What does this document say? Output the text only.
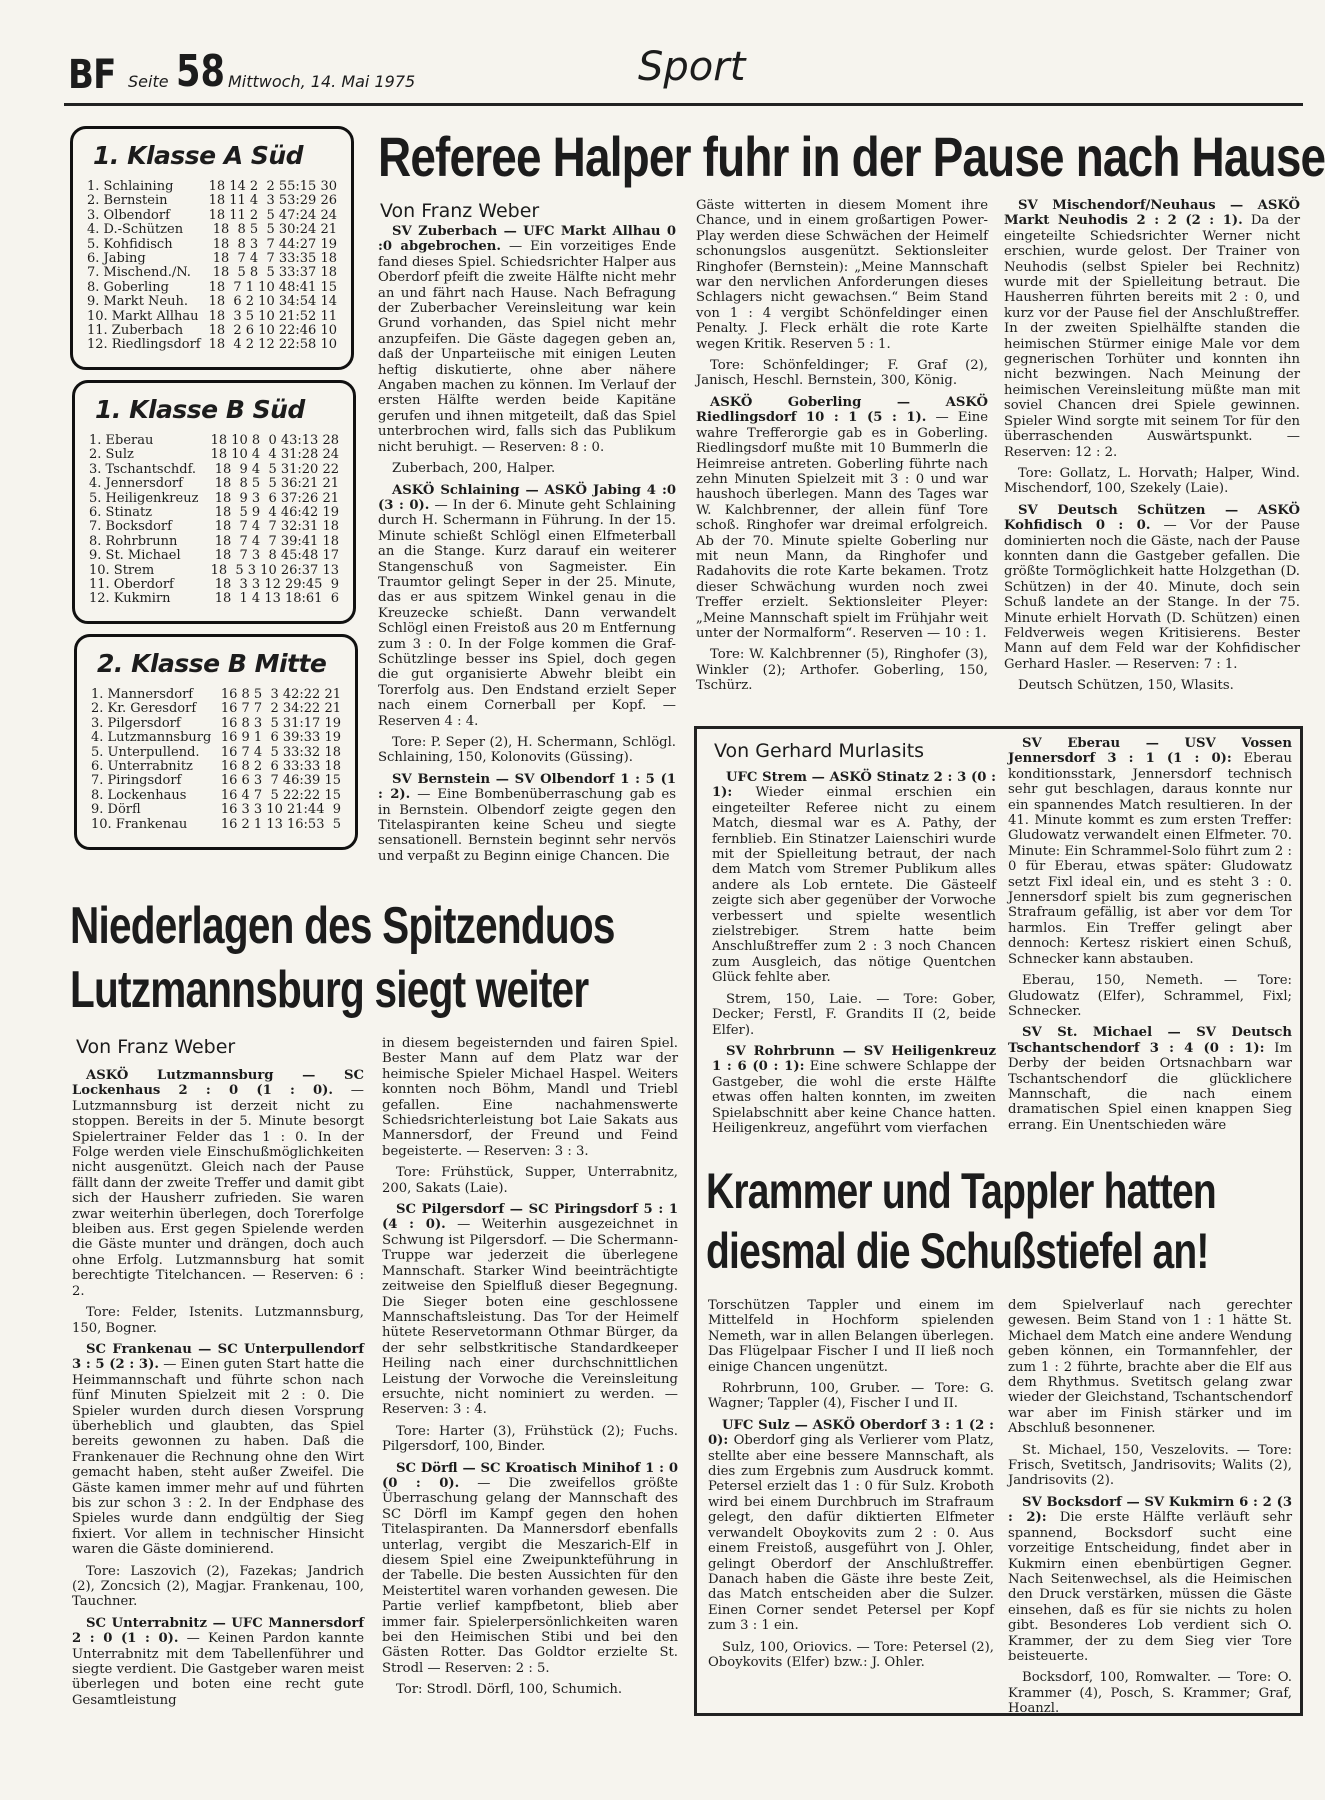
BF Seite 58 Mittwoch, 14. Mai 1975	Sport
1. Klasse A Süd
1. Schlaining	18 14 2  2 55:15 30
2. Bernstein	18 11 4  3 53:29 26
3. Olbendorf	18 11 2  5 47:24 24
4. D.-Schützen	18  8 5  5 30:24 21
5. Kohfidisch	18  8 3  7 44:27 19
6. Jabing	18  7 4  7 33:35 18
7. Mischend./N.	18  5 8  5 33:37 18
8. Goberling	18  7 1 10 48:41 15
9. Markt Neuh.	18  6 2 10 34:54 14
10. Markt Allhau 18  3 5 10 21:52 11
11. Zuberbach	18  2 6 10 22:46 10
12. Riedlingsdorf 18  4 2 12 22:58 10
1. Klasse B Süd
1. Eberau	18 10 8  0 43:13 28
2. Sulz	18 10 4  4 31:28 24
3. Tschantschdf.	18  9 4  5 31:20 22
4. Jennersdorf	18  8 5  5 36:21 21
5. Heiligenkreuz	18  9 3  6 37:26 21
6. Stinatz	18  5 9  4 46:42 19
7. Bocksdorf	18  7 4  7 32:31 18
8. Rohrbrunn	18  7 4  7 39:41 18
9. St. Michael	18  7 3  8 45:48 17
10. Strem	18  5 3 10 26:37 13
11. Oberdorf	18  3 3 12 29:45  9
12. Kukmirn	18  1 4 13 18:61  6
2. Klasse B Mitte
1. Mannersdorf	16 8 5  3 42:22 21
2. Kr. Geresdorf	16 7 7  2 34:22 21
3. Pilgersdorf	16 8 3  5 31:17 19
4. Lutzmannsburg 16 9 1  6 39:33 19
5. Unterpullend.	16 7 4  5 33:32 18
6. Unterrabnitz	16 8 2  6 33:33 18
7. Piringsdorf	16 6 3  7 46:39 15
8. Lockenhaus	16 4 7  5 22:22 15
9. Dörfl	16 3 3 10 21:44  9
10. Frankenau	16 2 1 13 16:53  5
Referee Halper fuhr in der Pause nach Hause
Von Franz Weber

SV Zuberbach — UFC Markt Allhau 0 :0 abgebrochen. — Ein vorzeitiges Ende fand dieses Spiel. Schiedsrichter Halper aus Oberdorf pfeift die zweite Hälfte nicht mehr an und fährt nach Hause. Nach Befragung der Zuberbacher Vereinsleitung war kein Grund vorhanden, das Spiel nicht mehr anzupfeifen. Die Gäste dagegen geben an, daß der Unparteiische mit einigen Leuten heftig diskutierte, ohne aber nähere Angaben machen zu können. Im Verlauf der ersten Hälfte werden beide Kapitäne gerufen und ihnen mitgeteilt, daß das Spiel unterbrochen wird, falls sich das Publikum nicht beruhigt. — Reserven: 8 : 0.

Zuberbach, 200, Halper.

ASKÖ Schlaining — ASKÖ Jabing 4 :0 (3 : 0). — In der 6. Minute geht Schlaining durch H. Schermann in Führung. In der 15. Minute schießt Schlögl einen Elfmeterball an die Stange. Kurz darauf ein weiterer Stangenschuß von Sagmeister. Ein Traumtor gelingt Seper in der 25. Minute, das er aus spitzem Winkel genau in die Kreuzecke schießt. Dann verwandelt Schlögl einen Freistoß aus 20 m Entfernung zum 3 : 0. In der Folge kommen die Graf-Schützlinge besser ins Spiel, doch gegen die gut organisierte Abwehr bleibt ein Torerfolg aus. Den Endstand erzielt Seper nach einem Cornerball per Kopf. — Reserven 4 : 4.

Tore: P. Seper (2), H. Schermann, Schlögl. Schlaining, 150, Kolonovits (Güssing).

SV Bernstein — SV Olbendorf 1 : 5 (1 : 2). — Eine Bombenüberraschung gab es in Bernstein. Olbendorf zeigte gegen den Titelaspiranten keine Scheu und siegte sensationell. Bernstein beginnt sehr nervös und verpaßt zu Beginn einige Chancen. Die

Gäste witterten in diesem Moment ihre Chance, und in einem großartigen Power-Play werden diese Schwächen der Heimelf schonungslos ausgenützt. Sektionsleiter Ringhofer (Bernstein): „Meine Mannschaft war den nervlichen Anforderungen dieses Schlagers nicht gewachsen.“ Beim Stand von 1 : 4 vergibt Schönfeldinger einen Penalty. J. Fleck erhält die rote Karte wegen Kritik. Reserven 5 : 1.

Tore: Schönfeldinger; F. Graf (2), Janisch, Heschl. Bernstein, 300, König.

ASKÖ Goberling — ASKÖ Riedlingsdorf 10 : 1 (5 : 1). — Eine wahre Trefferorgie gab es in Goberling. Riedlingsdorf mußte mit 10 Bummerln die Heimreise antreten. Goberling führte nach zehn Minuten Spielzeit mit 3 : 0 und war haushoch überlegen. Mann des Tages war W. Kalchbrenner, der allein fünf Tore schoß. Ringhofer war dreimal erfolgreich. Ab der 70. Minute spielte Goberling nur mit neun Mann, da Ringhofer und Radahovits die rote Karte bekamen. Trotz dieser Schwächung wurden noch zwei Treffer erzielt. Sektionsleiter Pleyer: „Meine Mannschaft spielt im Frühjahr weit unter der Normalform“. Reserven — 10 : 1.

Tore: W. Kalchbrenner (5), Ringhofer (3), Winkler (2); Arthofer. Goberling, 150, Tschürz.

SV Mischendorf/Neuhaus — ASKÖ Markt Neuhodis 2 : 2 (2 : 1). Da der eingeteilte Schiedsrichter Werner nicht erschien, wurde gelost. Der Trainer von Neuhodis (selbst Spieler bei Rechnitz) wurde mit der Spielleitung betraut. Die Hausherren führten bereits mit 2 : 0, und kurz vor der Pause fiel der Anschlußtreffer. In der zweiten Spielhälfte standen die heimischen Stürmer einige Male vor dem gegnerischen Torhüter und konnten ihn nicht bezwingen. Nach Meinung der heimischen Vereinsleitung müßte man mit soviel Chancen drei Spiele gewinnen. Spieler Wind sorgte mit seinem Tor für den überraschenden Auswärtspunkt. — Reserven: 12 : 2.

Tore: Gollatz, L. Horvath; Halper, Wind. Mischendorf, 100, Szekely (Laie).

SV Deutsch Schützen — ASKÖ Kohfidisch 0 : 0. — Vor der Pause dominierten noch die Gäste, nach der Pause konnten dann die Gastgeber gefallen. Die größte Tormöglichkeit hatte Holzgethan (D. Schützen) in der 40. Minute, doch sein Schuß landete an der Stange. In der 75. Minute erhielt Horvath (D. Schützen) einen Feldverweis wegen Kritisierens. Bester Mann auf dem Feld war der Kohfidischer Gerhard Hasler. — Reserven: 7 : 1.

Deutsch Schützen, 150, Wlasits.

Von Gerhard Murlasits

UFC Strem — ASKÖ Stinatz 2 : 3 (0 : 1): Wieder einmal erschien ein eingeteilter Referee nicht zu einem Match, diesmal war es A. Pathy, der fernblieb. Ein Stinatzer Laienschiri wurde mit der Spielleitung betraut, der nach dem Match vom Stremer Publikum alles andere als Lob erntete. Die Gästeelf zeigte sich aber gegenüber der Vorwoche verbessert und spielte wesentlich zielstrebiger. Strem hatte beim Anschlußtreffer zum 2 : 3 noch Chancen zum Ausgleich, das nötige Quentchen Glück fehlte aber.

Strem, 150, Laie. — Tore: Gober, Decker; Ferstl, F. Grandits II (2, beide Elfer).

SV Rohrbrunn — SV Heiligenkreuz 1 : 6 (0 : 1): Eine schwere Schlappe der Gastgeber, die wohl die erste Hälfte etwas offen halten konnten, im zweiten Spielabschnitt aber keine Chance hatten. Heiligenkreuz, angeführt vom vierfachen

SV Eberau — USV Vossen Jennersdorf 3 : 1 (1 : 0): Eberau konditionsstark, Jennersdorf technisch sehr gut beschlagen, daraus konnte nur ein spannendes Match resultieren. In der 41. Minute kommt es zum ersten Treffer: Gludowatz verwandelt einen Elfmeter. 70. Minute: Ein Schrammel-Solo führt zum 2 : 0 für Eberau, etwas später: Gludowatz setzt Fixl ideal ein, und es steht 3 : 0. Jennersdorf spielt bis zum gegnerischen Strafraum gefällig, ist aber vor dem Tor harmlos. Ein Treffer gelingt aber dennoch: Kertesz riskiert einen Schuß, Schnecker kann abstauben.

Eberau, 150, Nemeth. — Tore: Gludowatz (Elfer), Schrammel, Fixl; Schnecker.

SV St. Michael — SV Deutsch Tschantschendorf 3 : 4 (0 : 1): Im Derby der beiden Ortsnachbarn war Tschantschendorf die glücklichere Mannschaft, die nach einem dramatischen Spiel einen knappen Sieg errang. Ein Unentschieden wäre

Krammer und Tappler hatten
diesmal die Schußstiefel an!

Torschützen Tappler und einem im Mittelfeld in Hochform spielenden Nemeth, war in allen Belangen überlegen. Das Flügelpaar Fischer I und II ließ noch einige Chancen ungenützt.

Rohrbrunn, 100, Gruber. — Tore: G. Wagner; Tappler (4), Fischer I und II.

UFC Sulz — ASKÖ Oberdorf 3 : 1 (2 : 0): Oberdorf ging als Verlierer vom Platz, stellte aber eine bessere Mannschaft, als dies zum Ergebnis zum Ausdruck kommt. Petersel erzielt das 1 : 0 für Sulz. Kroboth wird bei einem Durchbruch im Strafraum gelegt, den dafür diktierten Elfmeter verwandelt Oboykovits zum 2 : 0. Aus einem Freistoß, ausgeführt von J. Ohler, gelingt Oberdorf der Anschlußtreffer. Danach haben die Gäste ihre beste Zeit, das Match entscheiden aber die Sulzer. Einen Corner sendet Petersel per Kopf zum 3 : 1 ein.

Sulz, 100, Oriovics. — Tore: Petersel (2), Oboykovits (Elfer) bzw.: J. Ohler.

dem Spielverlauf nach gerechter gewesen. Beim Stand von 1 : 1 hätte St. Michael dem Match eine andere Wendung geben können, ein Tormannfehler, der zum 1 : 2 führte, brachte aber die Elf aus dem Rhythmus. Svetitsch gelang zwar wieder der Gleichstand, Tschantschendorf war aber im Finish stärker und im Abschluß besonnener.

St. Michael, 150, Veszelovits. — Tore: Frisch, Svetitsch, Jandrisovits; Walits (2), Jandrisovits (2).

SV Bocksdorf — SV Kukmirn 6 : 2 (3 : 2): Die erste Hälfte verläuft sehr spannend, Bocksdorf sucht eine vorzeitige Entscheidung, findet aber in Kukmirn einen ebenbürtigen Gegner. Nach Seitenwechsel, als die Heimischen den Druck verstärken, müssen die Gäste einsehen, daß es für sie nichts zu holen gibt. Besonderes Lob verdient sich O. Krammer, der zu dem Sieg vier Tore beisteuerte.

Bocksdorf, 100, Romwalter. — Tore: O. Krammer (4), Posch, S. Krammer; Graf, Hoanzl.

Niederlagen des Spitzenduos
Lutzmannsburg siegt weiter
Von Franz Weber

ASKÖ Lutzmannsburg — SC Lockenhaus 2 : 0 (1 : 0). — Lutzmannsburg ist derzeit nicht zu stoppen. Bereits in der 5. Minute besorgt Spielertrainer Felder das 1 : 0. In der Folge werden viele Einschußmöglichkeiten nicht ausgenützt. Gleich nach der Pause fällt dann der zweite Treffer und damit gibt sich der Hausherr zufrieden. Sie waren zwar weiterhin überlegen, doch Torerfolge bleiben aus. Erst gegen Spielende werden die Gäste munter und drängen, doch auch ohne Erfolg. Lutzmannsburg hat somit berechtigte Titelchancen. — Reserven: 6 : 2.

Tore: Felder, Istenits. Lutzmannsburg, 150, Bogner.

SC Frankenau — SC Unterpullendorf 3 : 5 (2 : 3). — Einen guten Start hatte die Heimmannschaft und führte schon nach fünf Minuten Spielzeit mit 2 : 0. Die Spieler wurden durch diesen Vorsprung überheblich und glaubten, das Spiel bereits gewonnen zu haben. Daß die Frankenauer die Rechnung ohne den Wirt gemacht haben, steht außer Zweifel. Die Gäste kamen immer mehr auf und führten bis zur schon 3 : 2. In der Endphase des Spieles wurde dann endgültig der Sieg fixiert. Vor allem in technischer Hinsicht waren die Gäste dominierend.

Tore: Laszovich (2), Fazekas; Jandrich (2), Zoncsich (2), Magjar. Frankenau, 100, Tauchner.

SC Unterrabnitz — UFC Mannersdorf 2 : 0 (1 : 0). — Keinen Pardon kannte Unterrabnitz mit dem Tabellenführer und siegte verdient. Die Gastgeber waren meist überlegen und boten eine recht gute Gesamtleistung

in diesem begeisternden und fairen Spiel. Bester Mann auf dem Platz war der heimische Spieler Michael Haspel. Weiters konnten noch Böhm, Mandl und Triebl gefallen. Eine nachahmenswerte Schiedsrichterleistung bot Laie Sakats aus Mannersdorf, der Freund und Feind begeisterte. — Reserven: 3 : 3.

Tore: Frühstück, Supper, Unterrabnitz, 200, Sakats (Laie).

SC Pilgersdorf — SC Piringsdorf 5 : 1 (4 : 0). — Weiterhin ausgezeichnet in Schwung ist Pilgersdorf. — Die Schermann-Truppe war jederzeit die überlegene Mannschaft. Starker Wind beeinträchtigte zeitweise den Spielfluß dieser Begegnung. Die Sieger boten eine geschlossene Mannschaftsleistung. Das Tor der Heimelf hütete Reservetormann Othmar Bürger, da der sehr selbstkritische Standardkeeper Heiling nach einer durchschnittlichen Leistung der Vorwoche die Vereinsleitung ersuchte, nicht nominiert zu werden. — Reserven: 3 : 4.

Tore: Harter (3), Frühstück (2); Fuchs. Pilgersdorf, 100, Binder.

SC Dörfl — SC Kroatisch Minihof 1 : 0 (0 : 0). — Die zweifellos größte Überraschung gelang der Mannschaft des SC Dörfl im Kampf gegen den hohen Titelaspiranten. Da Mannersdorf ebenfalls unterlag, vergibt die Meszarich-Elf in diesem Spiel eine Zweipunkteführung in der Tabelle. Die besten Aussichten für den Meistertitel waren vorhanden gewesen. Die Partie verlief kampfbetont, blieb aber immer fair. Spielerpersönlichkeiten waren bei den Heimischen Stibi und bei den Gästen Rotter. Das Goldtor erzielte St. Strodl — Reserven: 2 : 5.

Tor: Strodl. Dörfl, 100, Schumich.
